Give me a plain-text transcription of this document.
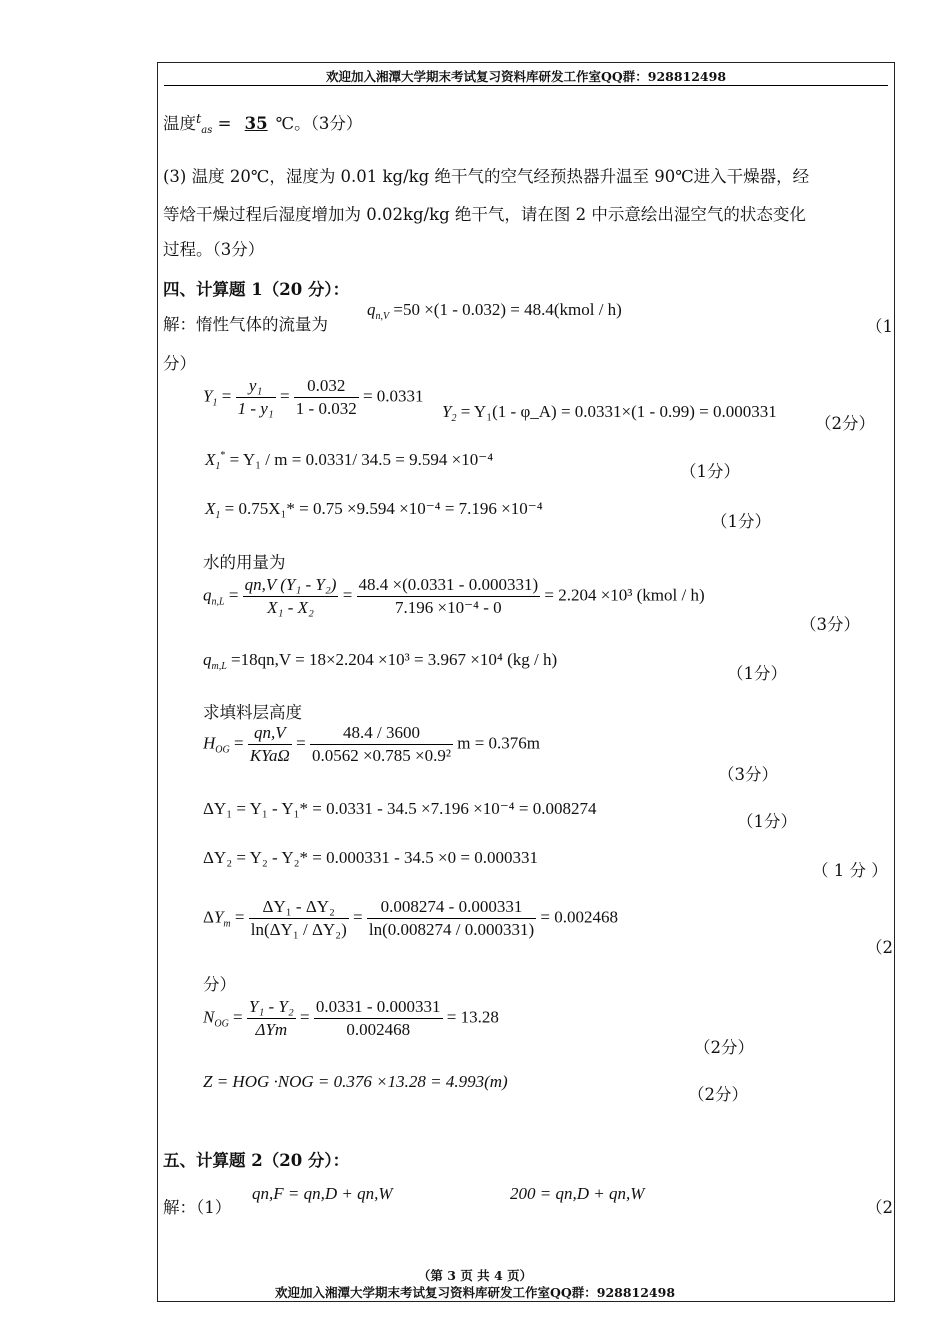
欢迎加入湘潭大学期末考试复习资料库研发工作室QQ群：928812498
温度$^t_{as}$ = 35 ℃。（3分）
(3) 温度 20℃，湿度为 0.01 kg/kg 绝干气的空气经预热器升温至 90℃进入干燥器，经
等焓干燥过程后湿度增加为 0.02kg/kg 绝干气，请在图 2 中示意绘出湿空气的状态变化
过程。（3分）
四、计算题 1（20 分）：
解：惰性气体的流量为
$q_{n,V} =50 \times(1 - 0.032)$ = 48.4(kmol / h)
（1
分）
$Y_1 = \frac{\text{y₁}}{\text{1 - y₁}} = \frac{0.032}{1 - 0.032} = 0.0331$
$Y_2 = Y_1(1$ - φ_A) = 0.0331×(1 - 0.99) = 0.000331
（2分）
$X_1^* = Y_1 / m = 0.0331/$ 34.5 = 9.594 ×10⁻⁴
（1分）
$X_1 = 0.75X_1* = 0.75 \times 9.594 \times 10^{-4} = 7.196 \times 10^{-4}$
（1分）
水的用量为
$q_{n,L} = \frac{\text{qn,V (Y₁ - Y₂)}}{\text{X₁ - X₂}} = \frac{48.4 \times(0.0331 - 0.000331)}{\text{7.196 ×10⁻⁴ - 0}} = 2.204 \times 10^3$ (kmol / h)
（3分）
$q_{m,L} =18qn,V = 18\times 2.204 \times 10^3 = 3.967 \times 10^4$ (kg / h)
（1分）
求填料层高度
$H_{OG} = \frac{qn,V}{\text{KYaΩ}} = \frac{48.4 / 3600}{\text{0.0562 ×0.785 ×0.9²}}$ m = 0.376m
（3分）
ΔY₁ = Y₁ - Y₁* = 0.0331 - 34.5 ×7.196 ×10⁻⁴ = 0.008274
（1分）
ΔY₂ = Y₂ - Y₂* = 0.000331 - 34.5 ×0 = 0.000331
（ 1 分 ）
$\Delta Y_m = \frac{\text{ΔY₁ - ΔY₂}}{\text{ln(ΔY₁ / ΔY₂)}} = \frac{0.008274 - 0.000331}{\ln(0.008274 / 0.000331)} = 0.002468$
（2
分）
$N_{OG} = \frac{\text{Y₁ - Y₂}}{\text{ΔYm}} = \frac{0.0331 - 0.000331}{0.002468} = 13.28$
（2分）
Z = HOG ·NOG = 0.376 ×13.28 = 4.993(m)
（2分）
五、计算题 2（20 分）：
解：（1）
qn,F = qn,D + qn,W	200 = qn,D + qn,W
（2
（第 3 页 共 4 页）
欢迎加入湘潭大学期末考试复习资料库研发工作室QQ群：928812498
